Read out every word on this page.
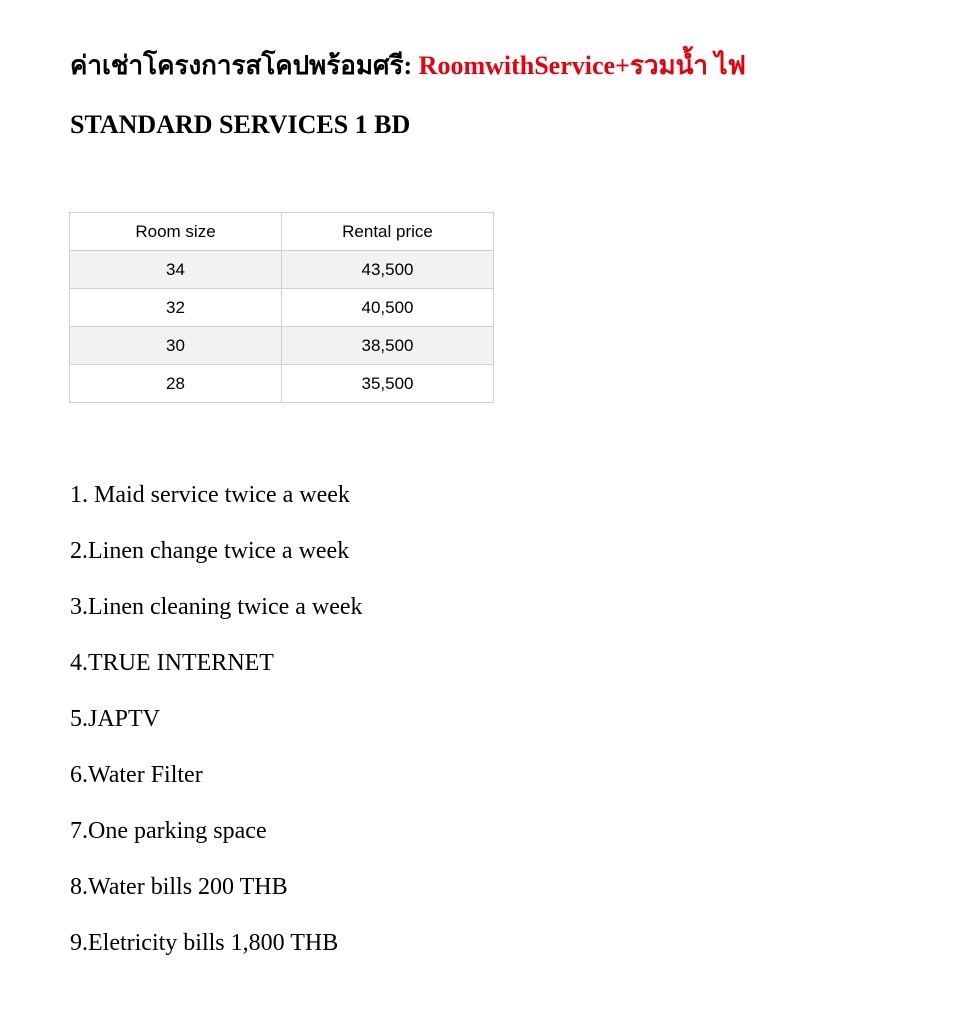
ค่าเช่าโครงการสโคปพร้อมศรี: RoomwithService+รวมน้ำ ไฟ
STANDARD SERVICES 1 BD
Room size	Rental price
34	43,500
32	40,500
30	38,500
28	35,500
1. Maid service twice a week
2.Linen change twice a week
3.Linen cleaning twice a week
4.TRUE INTERNET
5.JAPTV
6.Water Filter
7.One parking space
8.Water bills 200 THB
9.Eletricity bills 1,800 THB
